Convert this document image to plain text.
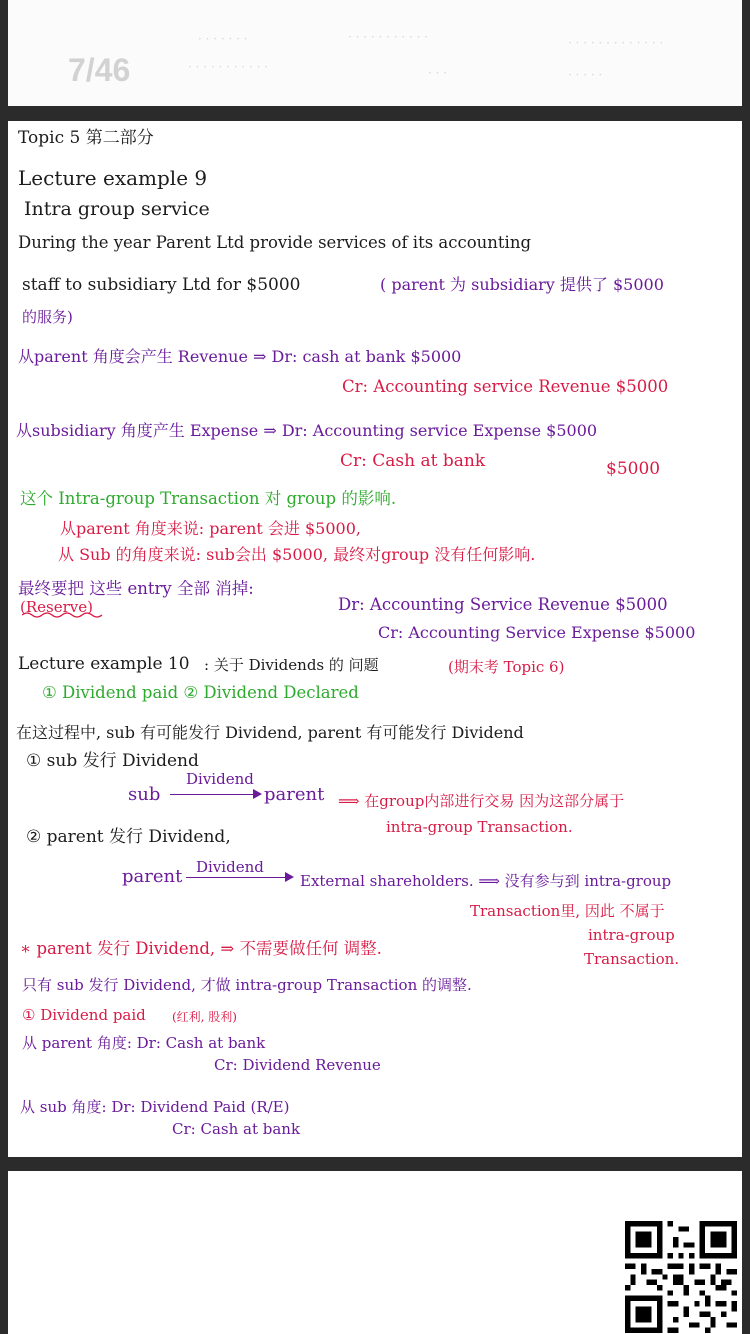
· · · · · · ·	· · · · · · · · · · ·	· · · · · · · · · · · · ·
· · · · · · · · · · ·	· · ·	· · · · ·
7/46
Topic 5 第二部分
Lecture example 9
Intra group service
During the year Parent Ltd provide services of its accounting
staff to subsidiary Ltd for $5000	( parent 为 subsidiary 提供了 $5000
的服务)
从parent 角度会产生 Revenue ⇒ Dr: cash at bank $5000
Cr: Accounting service Revenue $5000
从subsidiary 角度产生 Expense ⇒ Dr: Accounting service Expense $5000
Cr: Cash at bank	$5000
这个 Intra-group Transaction 对 group 的影响.
从parent 角度来说: parent 会进 $5000,
从 Sub 的角度来说: sub会出 $5000, 最终对group 没有任何影响.
最终要把 这些 entry 全部 消掉:
(Reserve)	Dr: Accounting Service Revenue $5000
Cr: Accounting Service Expense $5000
Lecture example 10 : 关于 Dividends 的 问题	(期末考 Topic 6)
① Dividend paid ② Dividend Declared
在这过程中, sub 有可能发行 Dividend, parent 有可能发行 Dividend
① sub 发行 Dividend
Dividend
sub	parent ⟹ 在group内部进行交易 因为这部分属于
intra-group Transaction.
② parent 发行 Dividend,
Dividend
parent	External shareholders. ⟹ 没有参与到 intra-group
Transaction里, 因此 不属于
intra-group
Transaction.
∗ parent 发行 Dividend, ⇒ 不需要做任何 调整.
只有 sub 发行 Dividend, 才做 intra-group Transaction 的调整.
① Dividend paid (红利, 股利)
从 parent 角度: Dr: Cash at bank
Cr: Dividend Revenue
从 sub 角度: Dr: Dividend Paid (R/E)
Cr: Cash at bank
